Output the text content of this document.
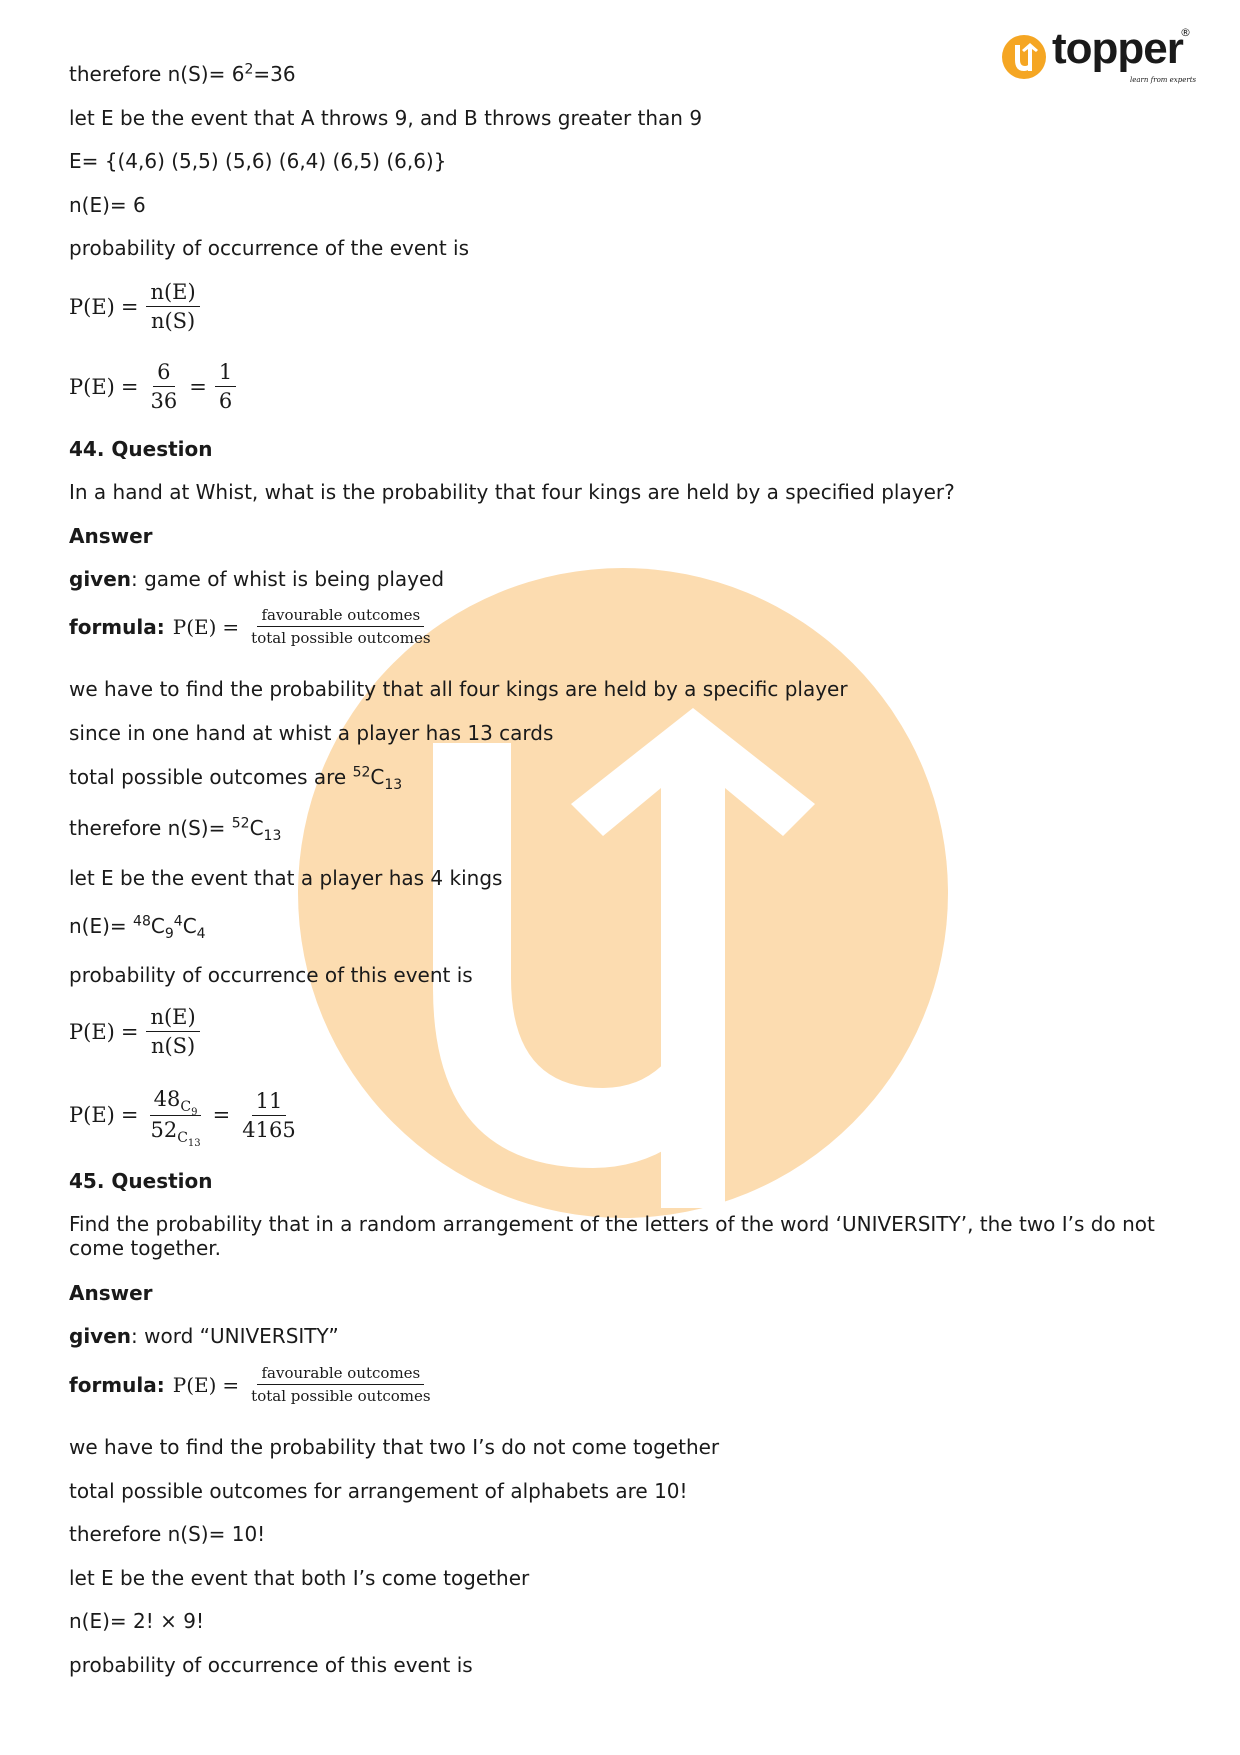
topper
®
learn from experts
therefore $n(S)= 6^2=36$
let E be the event that A throws 9, and B throws greater than 9
E= {(4,6) (5,5) (5,6) (6,4) (6,5) (6,6)}
n(E)= 6
probability of occurrence of the event is
$P(E) = \frac{n(E)}{n(S)}$
$P(E) = \frac{6}{36} = \frac{1}{6}$
44. Question
In a hand at Whist, what is the probability that four kings are held by a specified player?
Answer
given: game of whist is being played
formula: $P(E) = \frac{\text{favourable outcomes}}{\text{total possible outcomes}}$
we have to find the probability that all four kings are held by a specific player
since in one hand at whist a player has 13 cards
total possible outcomes are $^{52}C_{13}$
therefore $n(S)= ^{52}C_{13}$
let E be the event that a player has 4 kings
$n(E)= ^{48}C_9^4C_4$
probability of occurrence of this event is
$P(E) = \frac{n(E)}{n(S)}$
$P(E) = \frac{48_{C_9}}{52_{C_{13}}} = \frac{11}{4165}$
45. Question
Find the probability that in a random arrangement of the letters of the word ‘UNIVERSITY’, the two I’s do not come together.
Answer
given: word “UNIVERSITY”
formula: $P(E) = \frac{\text{favourable outcomes}}{\text{total possible outcomes}}$
we have to find the probability that two I’s do not come together
total possible outcomes for arrangement of alphabets are 10!
therefore n(S)= 10!
let E be the event that both I’s come together
n(E)= 2! × 9!
probability of occurrence of this event is
